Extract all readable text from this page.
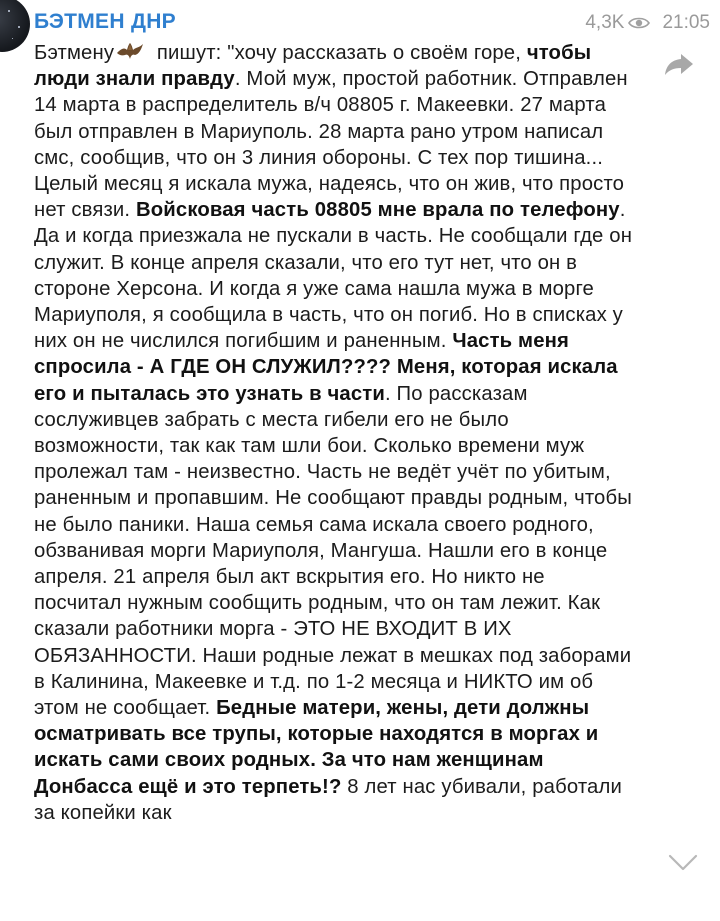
БЭТМЕН ДНР	4,3K 21:05

Бэтмену пишут: "хочу рассказать о своём горе, чтобы люди знали правду. Мой муж, простой работник. Отправлен 14 марта в распределитель в/ч 08805 г. Макеевки. 27 марта был отправлен в Мариуполь. 28 марта рано утром написал смс, сообщив, что он 3 линия обороны. С тех пор тишина... Целый месяц я искала мужа, надеясь, что он жив, что просто нет связи. Войсковая часть 08805 мне врала по телефону. Да и когда приезжала не пускали в часть. Не сообщали где он служит. В конце апреля сказали, что его тут нет, что он в стороне Херсона. И когда я уже сама нашла мужа в морге Мариуполя, я сообщила в часть, что он погиб. Но в списках у них он не числился погибшим и раненным. Часть меня спросила - А ГДЕ ОН СЛУЖИЛ???? Меня, которая искала его и пыталась это узнать в части. По рассказам сослуживцев забрать с места гибели его не было возможности, так как там шли бои. Сколько времени муж пролежал там - неизвестно. Часть не ведёт учёт по убитым, раненным и пропавшим. Не сообщают правды родным, чтобы не было паники. Наша семья сама искала своего родного, обзванивая морги Мариуполя, Мангуша. Нашли его в конце апреля. 21 апреля был акт вскрытия его. Но никто не посчитал нужным сообщить родным, что он там лежит. Как сказали работники морга - ЭТО НЕ ВХОДИТ В ИХ ОБЯЗАННОСТИ. Наши родные лежат в мешках под заборами в Калинина, Макеевке и т.д. по 1-2 месяца и НИКТО им об этом не сообщает. Бедные матери, жены, дети должны осматривать все трупы, которые находятся в моргах и искать сами своих родных. За что нам женщинам Донбасса ещё и это терпеть!? 8 лет нас убивали, работали за копейки как
